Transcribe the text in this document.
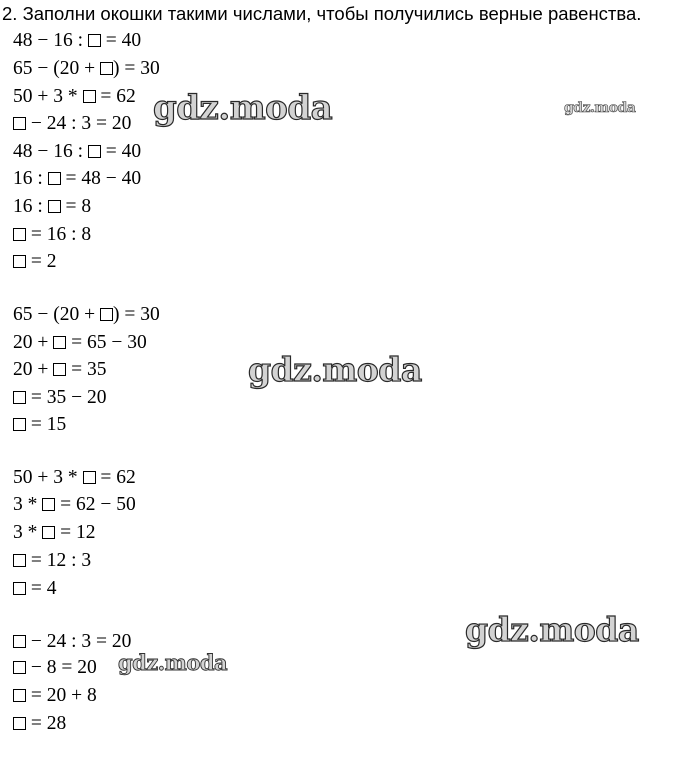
2. Заполни окошки такими числами, чтобы получились верные равенства.
48 − 16 :  = 40
65 − (20 + ) = 30
50 + 3 *  = 62
− 24 : 3 = 20
48 − 16 :  = 40
16 :  = 48 − 40
16 :  = 8
= 16 : 8
= 2
65 − (20 + ) = 30
20 +  = 65 − 30
20 +  = 35
= 35 − 20
= 15
50 + 3 *  = 62
3 *  = 62 − 50
3 *  = 12
= 12 : 3
= 4
− 24 : 3 = 20
− 8 = 20
= 20 + 8
= 28
gdz.moda	gdz.moda
gdz.moda
gdz.moda
gdz.moda
